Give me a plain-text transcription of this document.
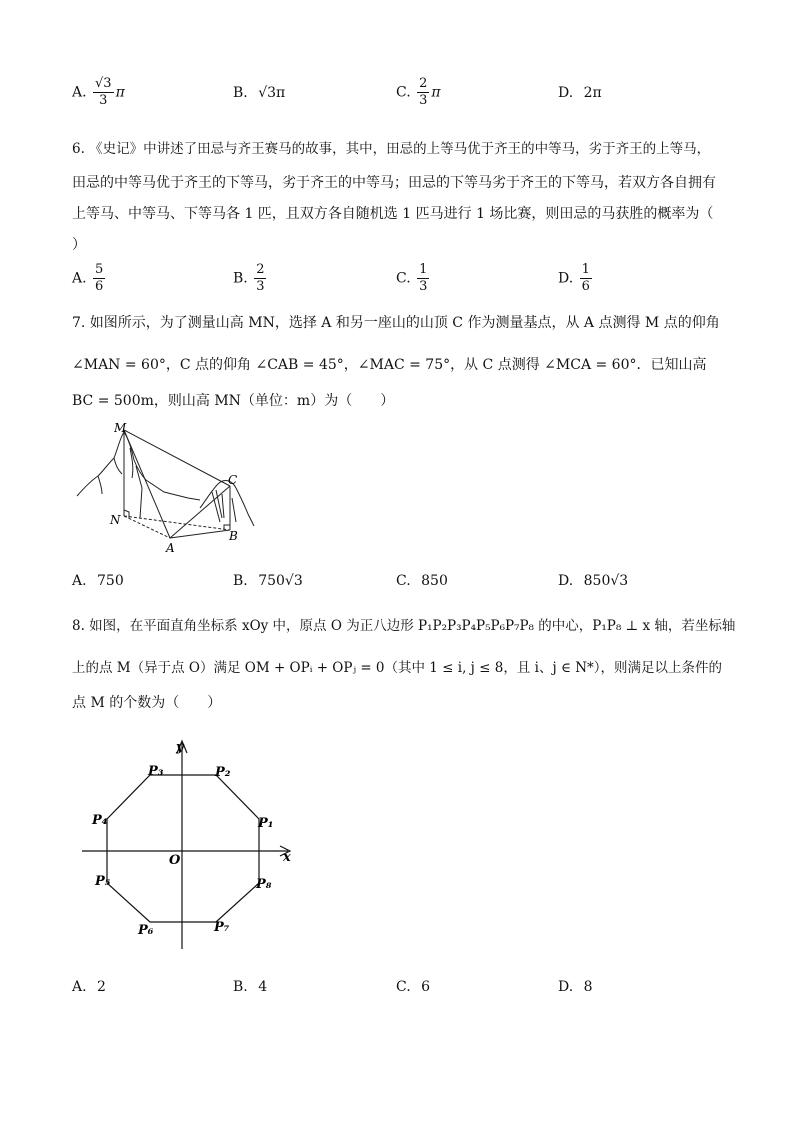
A. $\frac{√3}{3}$ π	B. √3π	C. $\frac{2}{3}$ π	D. 2π
6. 《史记》中讲述了田忌与齐王赛马的故事，其中，田忌的上等马优于齐王的中等马，劣于齐王的上等马，
田忌的中等马优于齐王的下等马，劣于齐王的中等马；田忌的下等马劣于齐王的下等马，若双方各自拥有
上等马、中等马、下等马各 1 匹，且双方各自随机选 1 匹马进行 1 场比赛，则田忌的马获胜的概率为（
）
A. $\frac{5}{6}$	B. $\frac{2}{3}$	C. $\frac{1}{3}$	D. $\frac{1}{6}$
7. 如图所示，为了测量山高 MN，选择 A 和另一座山的山顶 C 作为测量基点，从 A 点测得 M 点的仰角
∠MAN = 60°，C 点的仰角 ∠CAB = 45°，∠MAC = 75°，从 C 点测得 ∠MCA = 60°．已知山高
BC = 500m，则山高 MN（单位：m）为（　　）
M
N
A
B
C
A. 750	B. 750√3	C. 850	D. 850√3
8. 如图，在平面直角坐标系 xOy 中，原点 O 为正八边形 P₁P₂P₃P₄P₅P₆P₇P₈ 的中心，P₁P₈ ⊥ x 轴，若坐标轴
上的点 M（异于点 O）满足 OM + OPᵢ + OPⱼ = 0（其中 1 ≤ i, j ≤ 8，且 i、j ∈ N*），则满足以上条件的
点 M 的个数为（　　）
y
x
O
P₁
P₂
P₃
P₄
P₅
P₆	P₇
P₈
A. 2	B. 4	C. 6	D. 8
